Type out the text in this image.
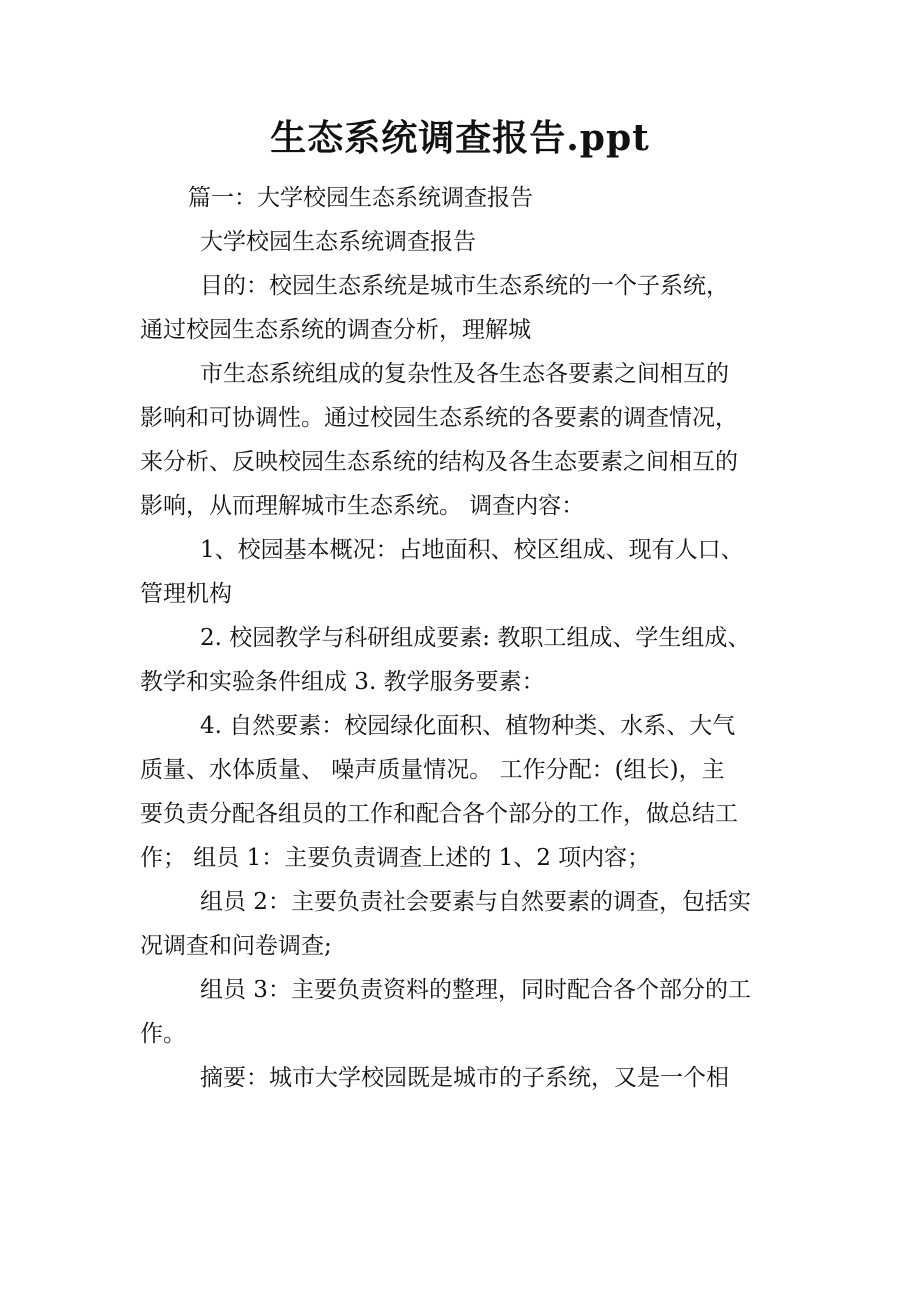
生态系统调查报告.ppt

篇一：大学校园生态系统调查报告

大学校园生态系统调查报告

目的：校园生态系统是城市生态系统的一个子系统，

通过校园生态系统的调查分析，理解城

市生态系统组成的复杂性及各生态各要素之间相互的

影响和可协调性。通过校园生态系统的各要素的调查情况，

来分析、反映校园生态系统的结构及各生态要素之间相互的

影响，从而理解城市生态系统。 调查内容：

1、校园基本概况：占地面积、校区组成、现有人口、

管理机构

2. 校园教学与科研组成要素: 教职工组成、学生组成、

教学和实验条件组成 3. 教学服务要素：

4. 自然要素：校园绿化面积、植物种类、水系、大气

质量、水体质量、 噪声质量情况。 工作分配：(组长)，主

要负责分配各组员的工作和配合各个部分的工作，做总结工

作； 组员 1：主要负责调查上述的 1、2 项内容；

组员 2：主要负责社会要素与自然要素的调查，包括实

况调查和问卷调查;

组员 3：主要负责资料的整理，同时配合各个部分的工

作。

摘要：城市大学校园既是城市的子系统，又是一个相
